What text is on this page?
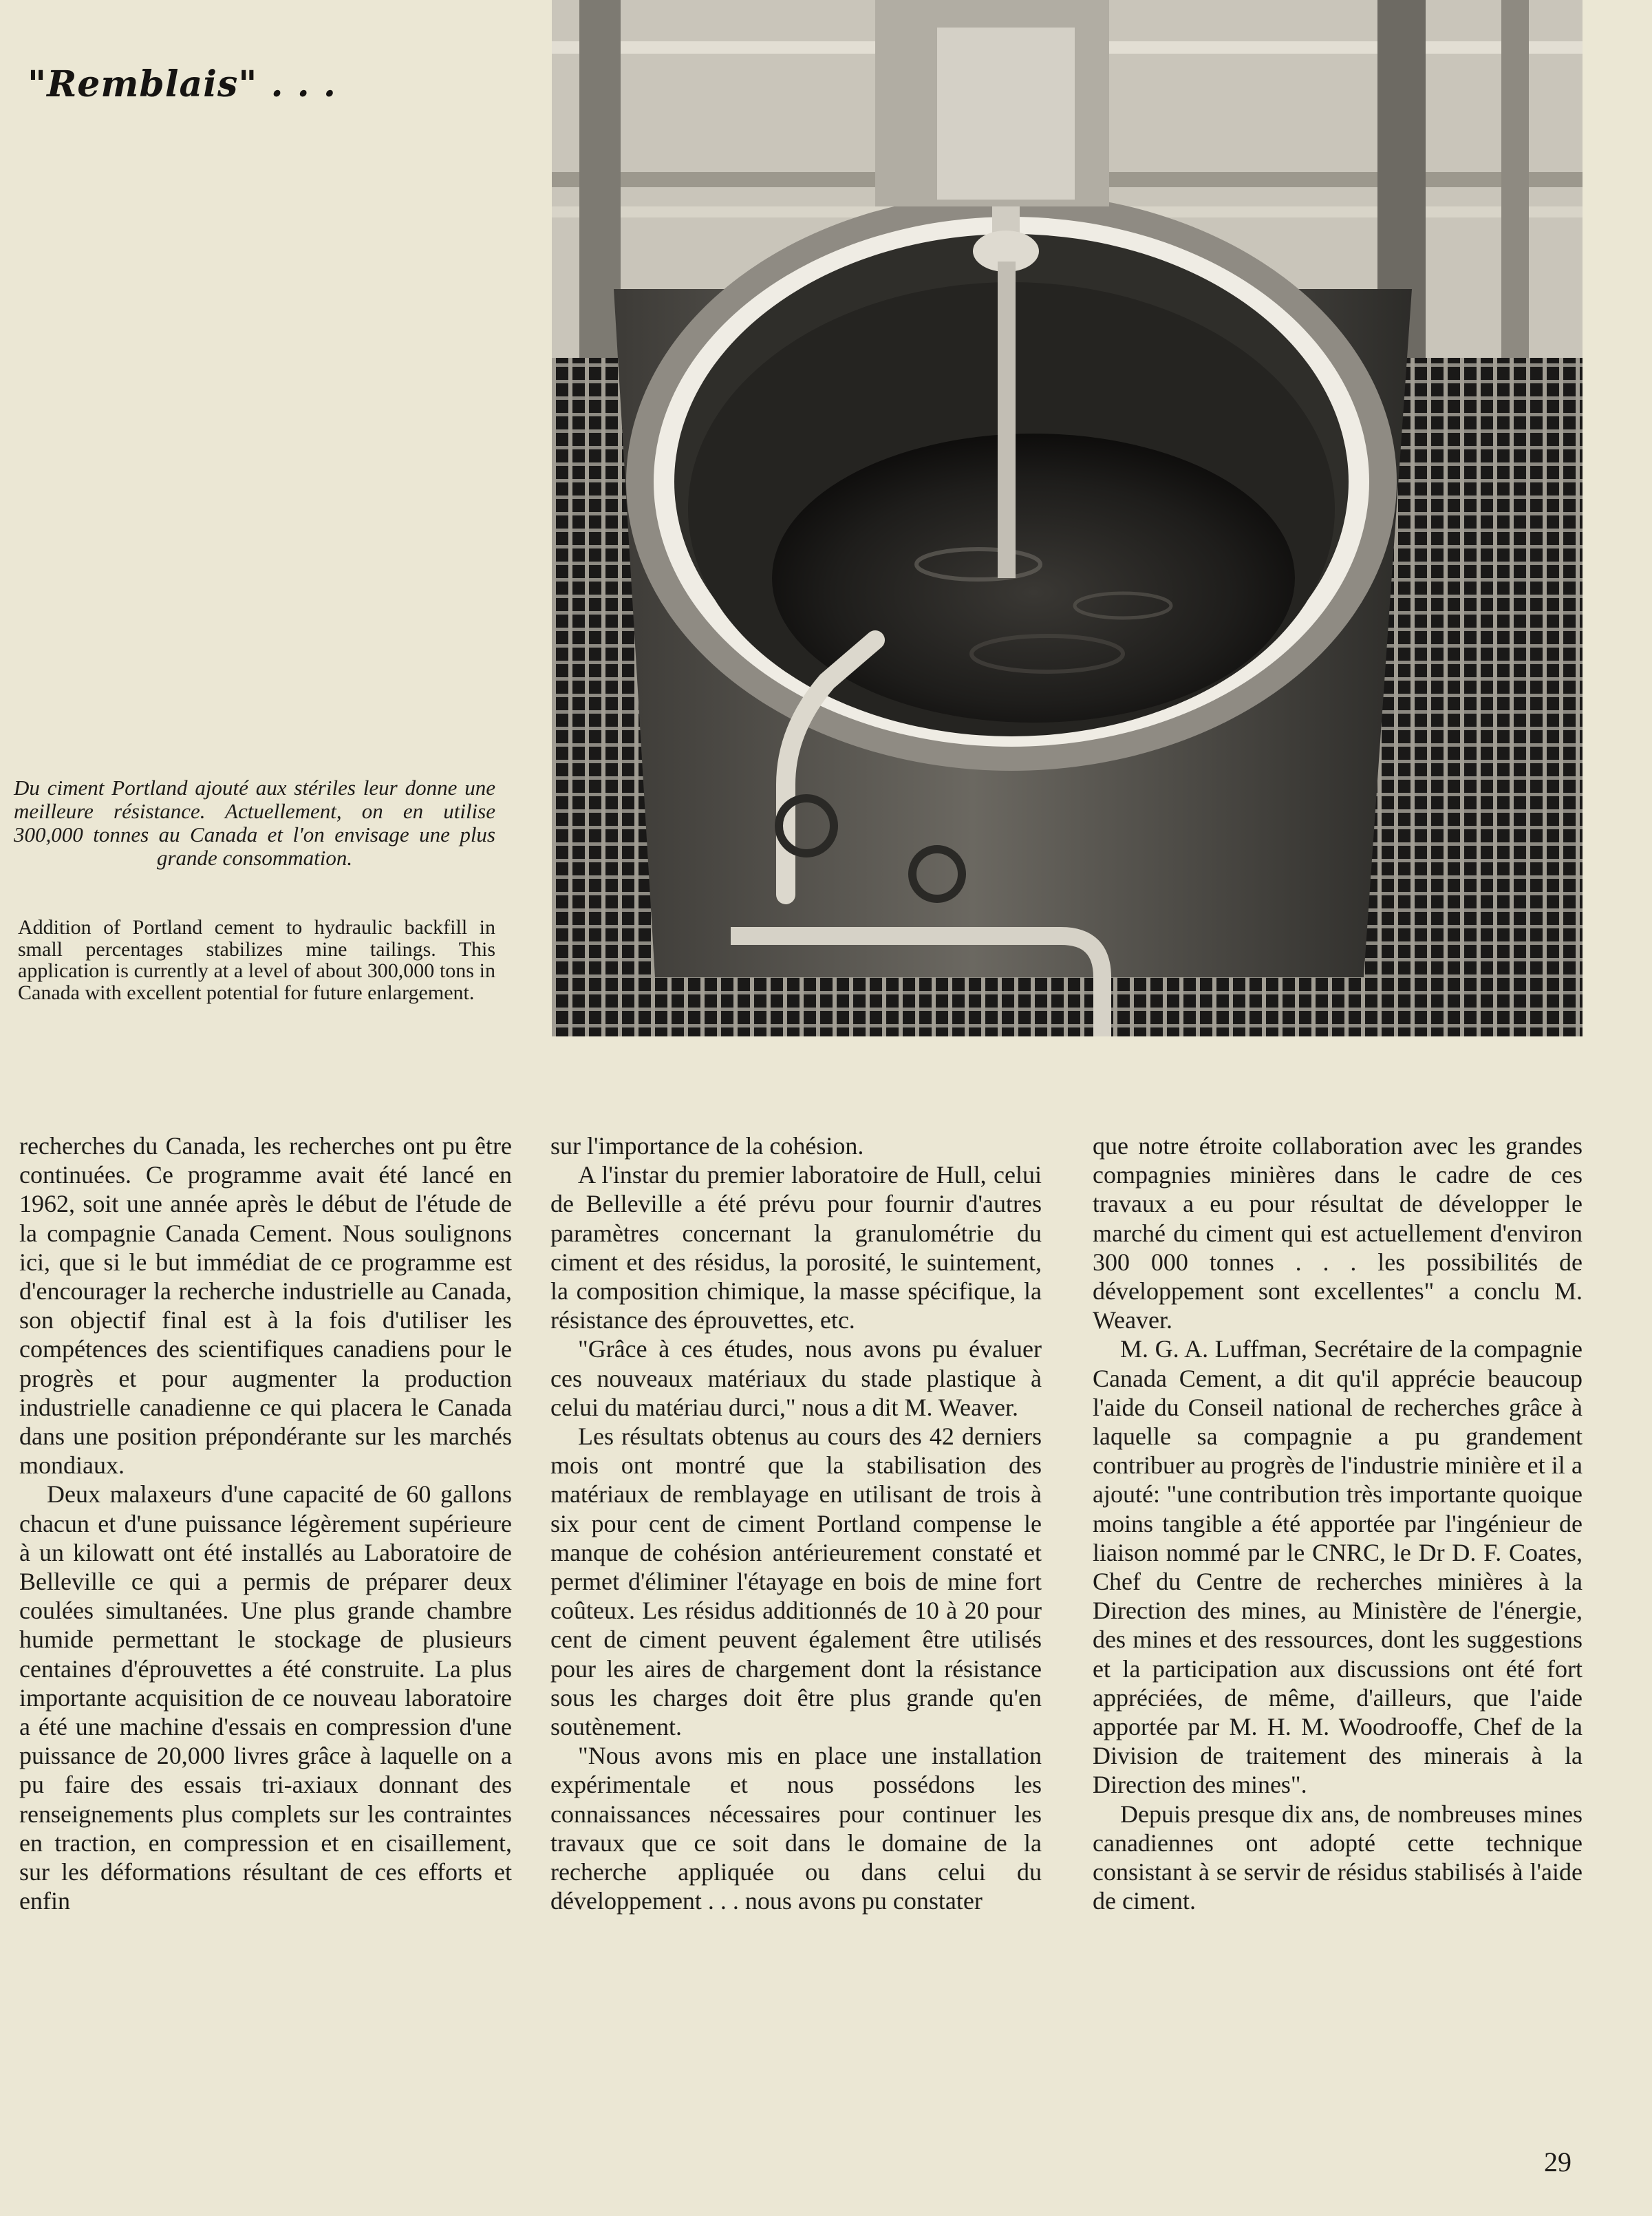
"Remblais" . . .

Du ciment Portland ajouté aux stériles leur donne une meilleure résistance. Actuellement, on en utilise 300,000 tonnes au Canada et l'on envisage une plus grande consommation.

Addition of Portland cement to hydraulic backfill in small percentages stabilizes mine tailings. This application is currently at a level of about 300,000 tons in Canada with excellent potential for future enlargement.

recherches du Canada, les recherches ont pu être continuées. Ce programme avait été lancé en 1962, soit une année après le début de l'étude de la compagnie Canada Cement. Nous soulignons ici, que si le but immédiat de ce programme est d'encourager la recherche industrielle au Canada, son objectif final est à la fois d'utiliser les compétences des scientifiques canadiens pour le progrès et pour augmenter la production industrielle canadienne ce qui placera le Canada dans une position prépondérante sur les marchés mondiaux.

Deux malaxeurs d'une capacité de 60 gallons chacun et d'une puissance légèrement supérieure à un kilowatt ont été installés au Laboratoire de Belleville ce qui a permis de préparer deux coulées simultanées. Une plus grande chambre humide permettant le stockage de plusieurs centaines d'éprouvettes a été construite. La plus importante acquisition de ce nouveau laboratoire a été une machine d'essais en compression d'une puissance de 20,000 livres grâce à laquelle on a pu faire des essais tri-axiaux donnant des renseignements plus complets sur les contraintes en traction, en compression et en cisaillement, sur les déformations résultant de ces efforts et enfin

sur l'importance de la cohésion.

A l'instar du premier laboratoire de Hull, celui de Belleville a été prévu pour fournir d'autres paramètres concernant la granulométrie du ciment et des résidus, la porosité, le suintement, la composition chimique, la masse spécifique, la résistance des éprouvettes, etc.

"Grâce à ces études, nous avons pu évaluer ces nouveaux matériaux du stade plastique à celui du matériau durci," nous a dit M. Weaver.

Les résultats obtenus au cours des 42 derniers mois ont montré que la stabilisation des matériaux de remblayage en utilisant de trois à six pour cent de ciment Portland compense le manque de cohésion antérieurement constaté et permet d'éliminer l'étayage en bois de mine fort coûteux. Les résidus additionnés de 10 à 20 pour cent de ciment peuvent également être utilisés pour les aires de chargement dont la résistance sous les charges doit être plus grande qu'en soutènement.

"Nous avons mis en place une installation expérimentale et nous possédons les connaissances nécessaires pour continuer les travaux que ce soit dans le domaine de la recherche appliquée ou dans celui du développement . . . nous avons pu constater

que notre étroite collaboration avec les grandes compagnies minières dans le cadre de ces travaux a eu pour résultat de développer le marché du ciment qui est actuellement d'environ 300 000 tonnes . . . les possibilités de développement sont excellentes" a conclu M. Weaver.

M. G. A. Luffman, Secrétaire de la compagnie Canada Cement, a dit qu'il apprécie beaucoup l'aide du Conseil national de recherches grâce à laquelle sa compagnie a pu grandement contribuer au progrès de l'industrie minière et il a ajouté: "une contribution très importante quoique moins tangible a été apportée par l'ingénieur de liaison nommé par le CNRC, le Dr D. F. Coates, Chef du Centre de recherches minières à la Direction des mines, au Ministère de l'énergie, des mines et des ressources, dont les suggestions et la participation aux discussions ont été fort appréciées, de même, d'ailleurs, que l'aide apportée par M. H. M. Woodrooffe, Chef de la Division de traitement des minerais à la Direction des mines".

Depuis presque dix ans, de nombreuses mines canadiennes ont adopté cette technique consistant à se servir de résidus stabilisés à l'aide de ciment.

29
